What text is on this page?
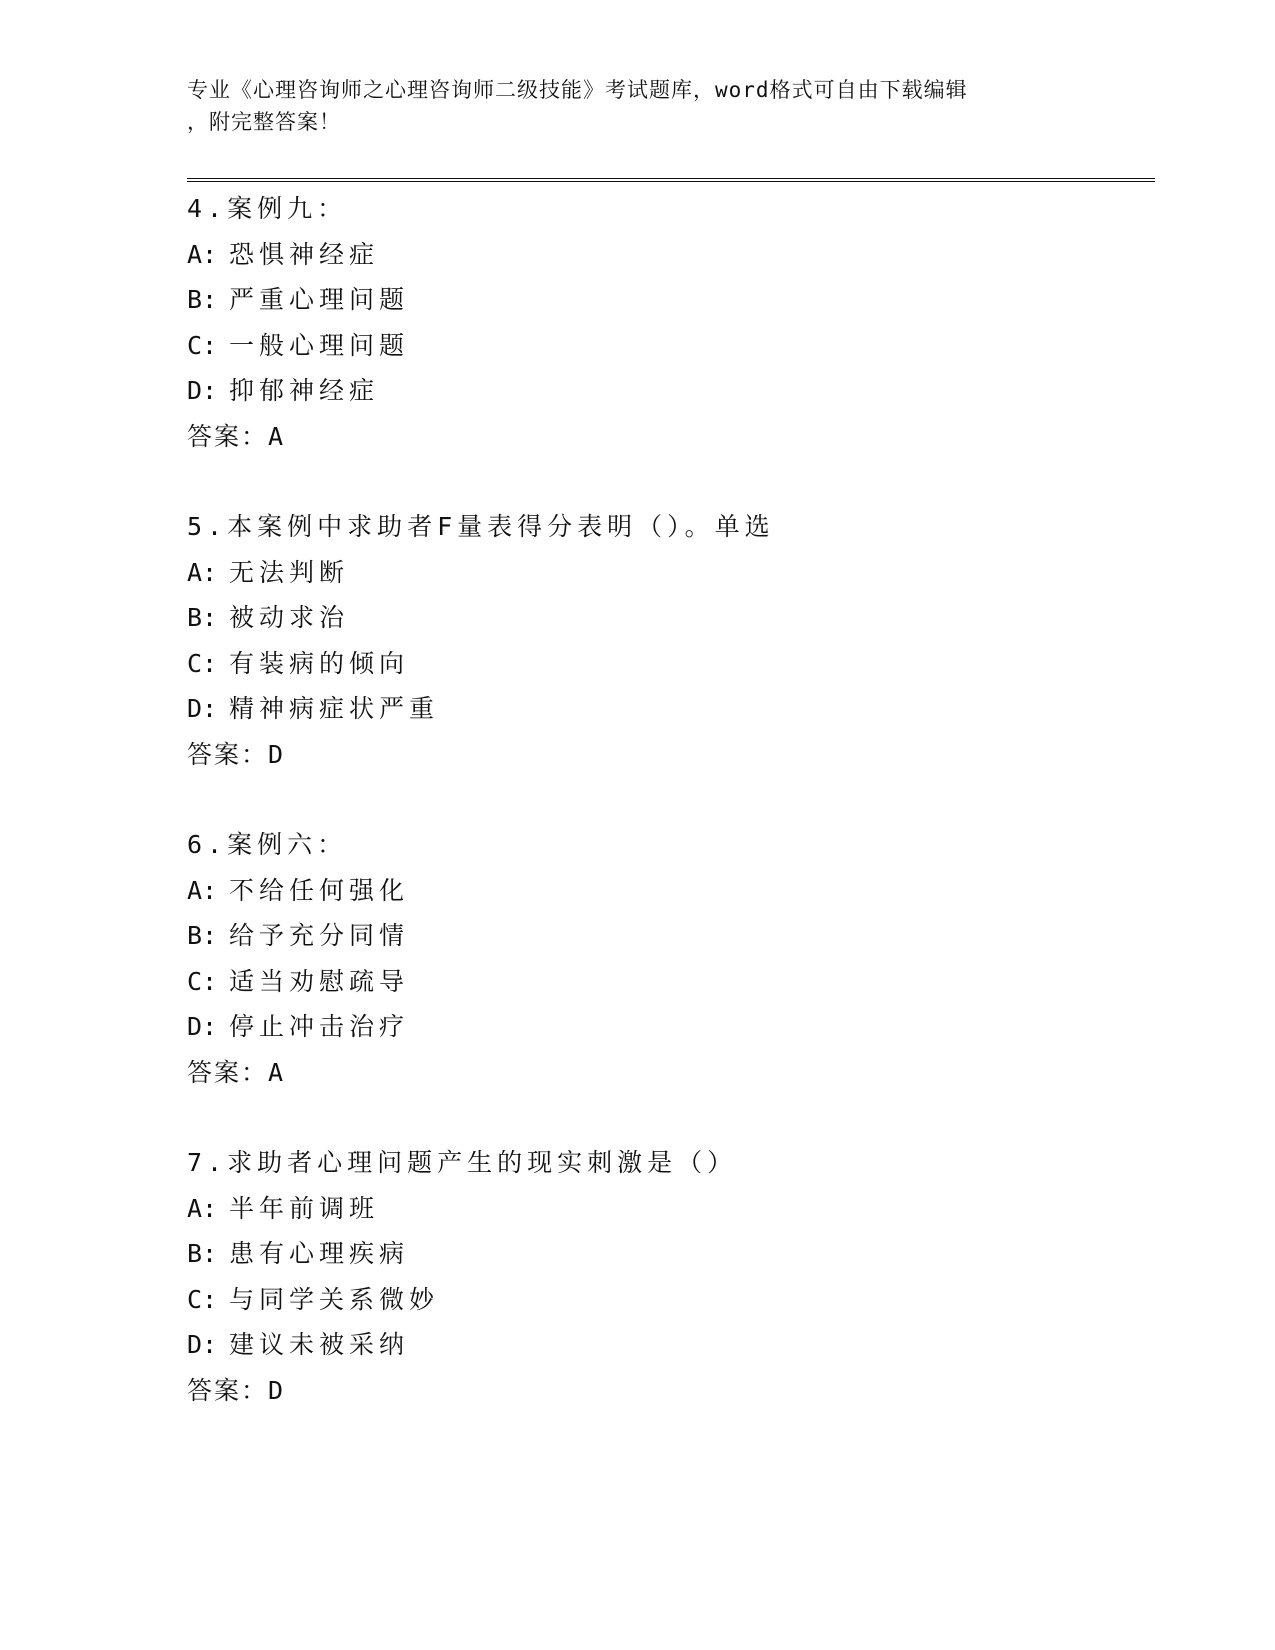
专业《心理咨询师之心理咨询师二级技能》考试题库，word格式可自由下载编辑
，附完整答案！
4.案例九：
A: 恐惧神经症
B: 严重心理问题
C: 一般心理问题
D: 抑郁神经症
答案：A
5.本案例中求助者F量表得分表明（）。单选
A: 无法判断
B: 被动求治
C: 有装病的倾向
D: 精神病症状严重
答案：D
6.案例六：
A: 不给任何强化
B: 给予充分同情
C: 适当劝慰疏导
D: 停止冲击治疗
答案：A
7.求助者心理问题产生的现实刺激是（）
A: 半年前调班
B: 患有心理疾病
C: 与同学关系微妙
D: 建议未被采纳
答案：D
